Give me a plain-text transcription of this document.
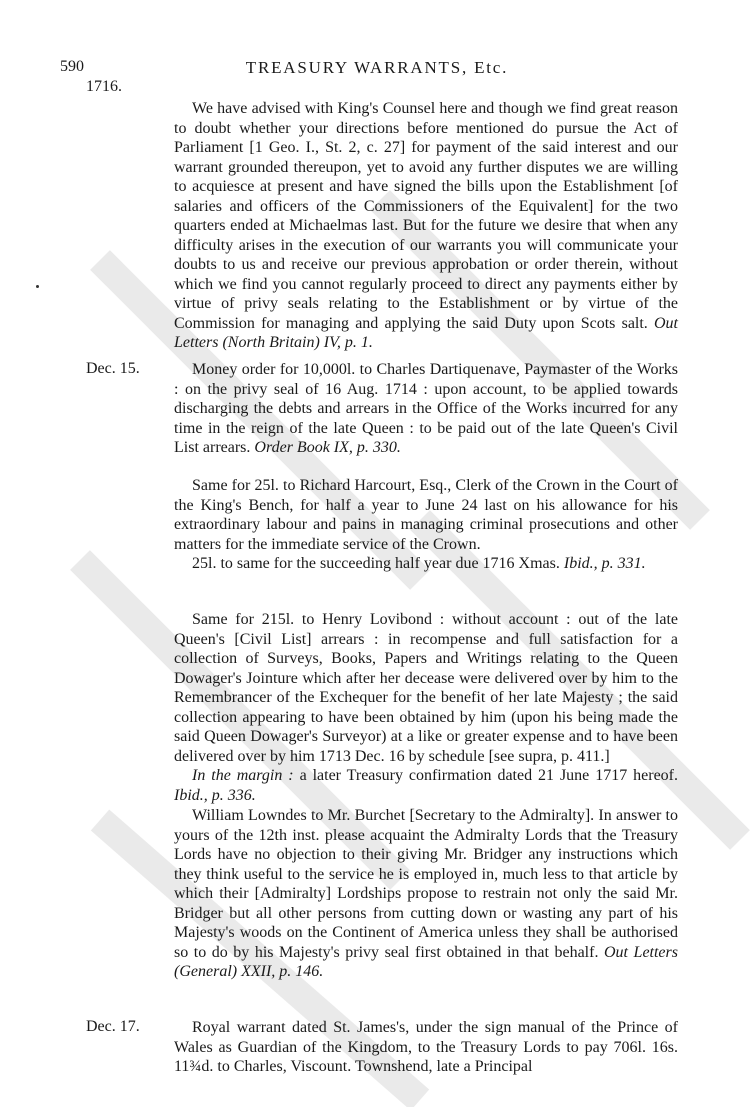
590	TREASURY WARRANTS, Etc.
1716.
We have advised with King's Counsel here and though we find great reason to doubt whether your directions before mentioned do pursue the Act of Parliament [1 Geo. I., St. 2, c. 27] for payment of the said interest and our warrant grounded thereupon, yet to avoid any further disputes we are willing to acquiesce at present and have signed the bills upon the Establishment [of salaries and officers of the Commissioners of the Equivalent] for the two quarters ended at Michaelmas last. But for the future we desire that when any difficulty arises in the execution of our warrants you will communicate your doubts to us and receive our previous approbation or order therein, without which we find you cannot regularly proceed to direct any payments either by virtue of privy seals relating to the Establishment or by virtue of the Commission for managing and applying the said Duty upon Scots salt. Out Letters (North Britain) IV, p. 1.
Dec. 15.	Money order for 10,000l. to Charles Dartiquenave, Paymaster of the Works : on the privy seal of 16 Aug. 1714 : upon account, to be applied towards discharging the debts and arrears in the Office of the Works incurred for any time in the reign of the late Queen : to be paid out of the late Queen's Civil List arrears. Order Book IX, p. 330.
Same for 25l. to Richard Harcourt, Esq., Clerk of the Crown in the Court of the King's Bench, for half a year to June 24 last on his allowance for his extraordinary labour and pains in managing criminal prosecutions and other matters for the immediate service of the Crown.
25l. to same for the succeeding half year due 1716 Xmas. Ibid., p. 331.
Same for 215l. to Henry Lovibond : without account : out of the late Queen's [Civil List] arrears : in recompense and full satisfaction for a collection of Surveys, Books, Papers and Writings relating to the Queen Dowager's Jointure which after her decease were delivered over by him to the Remembrancer of the Exchequer for the benefit of her late Majesty ; the said collection appearing to have been obtained by him (upon his being made the said Queen Dowager's Surveyor) at a like or greater expense and to have been delivered over by him 1713 Dec. 16 by schedule [see supra, p. 411.]
In the margin : a later Treasury confirmation dated 21 June 1717 hereof. Ibid., p. 336.
William Lowndes to Mr. Burchet [Secretary to the Admiralty]. In answer to yours of the 12th inst. please acquaint the Admiralty Lords that the Treasury Lords have no objection to their giving Mr. Bridger any instructions which they think useful to the service he is employed in, much less to that article by which their [Admiralty] Lordships propose to restrain not only the said Mr. Bridger but all other persons from cutting down or wasting any part of his Majesty's woods on the Continent of America unless they shall be authorised so to do by his Majesty's privy seal first obtained in that behalf. Out Letters (General) XXII, p. 146.
Dec. 17.	Royal warrant dated St. James's, under the sign manual of the Prince of Wales as Guardian of the Kingdom, to the Treasury Lords to pay 706l. 16s. 11¾d. to Charles, Viscount. Townshend, late a Principal
